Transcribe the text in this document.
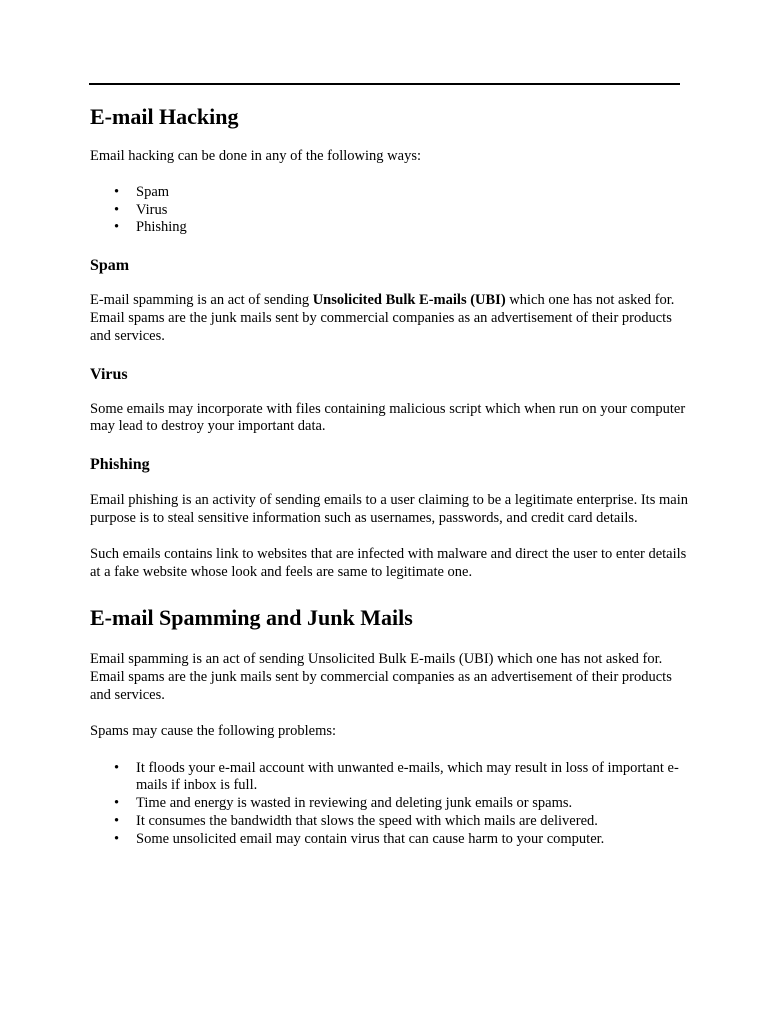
E-mail Hacking

Email hacking can be done in any of the following ways:

• Spam
• Virus
• Phishing
Spam

E-mail spamming is an act of sending Unsolicited Bulk E-mails (UBI) which one has not asked for. Email spams are the junk mails sent by commercial companies as an advertisement of their products and services.

Virus

Some emails may incorporate with files containing malicious script which when run on your computer may lead to destroy your important data.

Phishing

Email phishing is an activity of sending emails to a user claiming to be a legitimate enterprise. Its main purpose is to steal sensitive information such as usernames, passwords, and credit card details.

Such emails contains link to websites that are infected with malware and direct the user to enter details at a fake website whose look and feels are same to legitimate one.

E-mail Spamming and Junk Mails

Email spamming is an act of sending Unsolicited Bulk E-mails (UBI) which one has not asked for. Email spams are the junk mails sent by commercial companies as an advertisement of their products and services.

Spams may cause the following problems:

• It floods your e-mail account with unwanted e-mails, which may result in loss of important e-mails if inbox is full.
• Time and energy is wasted in reviewing and deleting junk emails or spams.
• It consumes the bandwidth that slows the speed with which mails are delivered.
• Some unsolicited email may contain virus that can cause harm to your computer.
